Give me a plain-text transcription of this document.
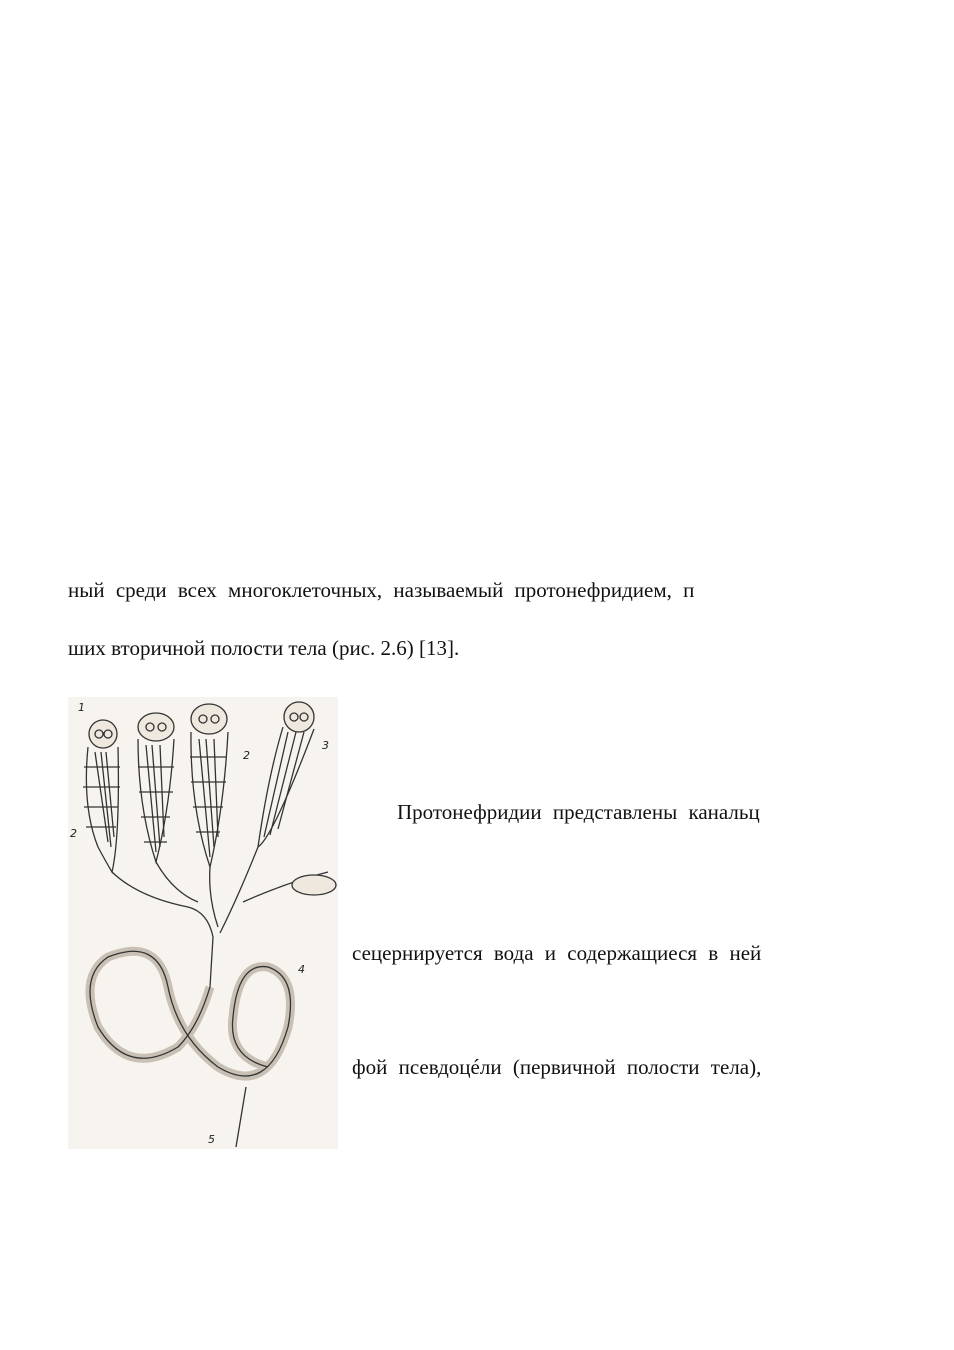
ный среди всех многоклеточных, называемый протонефридием, п
ших вторичной полости тела (рис. 2.6) [13].
1
2
2
3
4
5
Протонефридии представлены канальц
сецернируется вода и содержащиеся в ней
фой псевдоцéли (первичной полости тела),
